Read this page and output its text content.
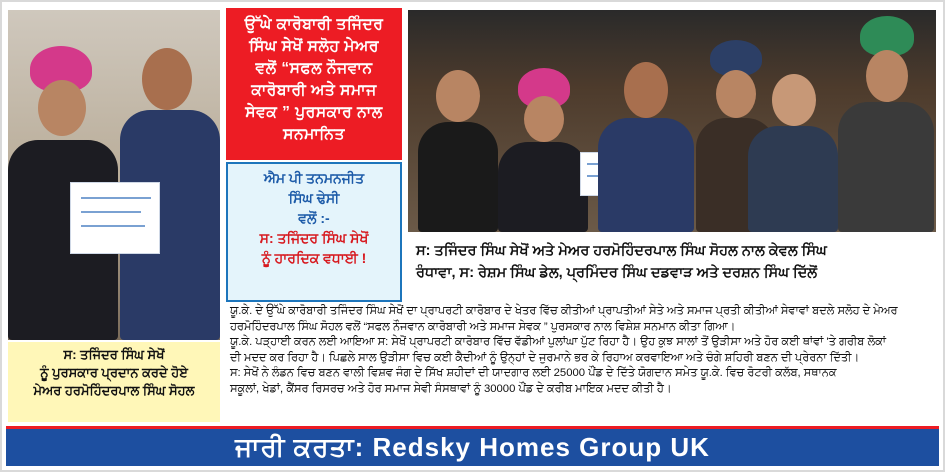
ਸ: ਤਜਿੰਦਰ ਸਿੰਘ ਸੇਖੋਂ

ਨੂੰ ਪੁਰਸਕਾਰ ਪ੍ਰਦਾਨ ਕਰਦੇ ਹੋਏ

ਮੇਅਰ ਹਰਮੋਹਿੰਦਰਪਾਲ ਸਿੰਘ ਸੋਹਲ

ਉੱਘੇ ਕਾਰੋਬਾਰੀ ਤਜਿੰਦਰ

ਸਿੰਘ ਸੇਖੋਂ ਸਲੋਹ ਮੇਅਰ

ਵਲੋਂ “ਸਫਲ ਨੌਜਵਾਨ

ਕਾਰੋਬਾਰੀ ਅਤੇ ਸਮਾਜ

ਸੇਵਕ ” ਪੁਰਸਕਾਰ ਨਾਲ

ਸਨਮਾਨਿਤ

ਐਮ ਪੀ ਤਨਮਨਜੀਤ

ਸਿੰਘ ਢੇਸੀ

ਵਲੋਂ :-

ਸ: ਤਜਿੰਦਰ ਸਿੰਘ ਸੇਖੋਂ

ਨੂੰ ਹਾਰਦਿਕ ਵਧਾਈ !	ਸ: ਤਜਿੰਦਰ ਸਿੰਘ ਸੇਖੋਂ ਅਤੇ ਮੇਅਰ ਹਰਮੋਹਿੰਦਰਪਾਲ ਸਿੰਘ ਸੋਹਲ ਨਾਲ ਕੇਵਲ ਸਿੰਘ

ਰੰਧਾਵਾ, ਸ: ਰੇਸ਼ਮ ਸਿੰਘ ਡੇਲ, ਪ੍ਰਮਿੰਦਰ ਸਿੰਘ ਦਡਵਾੜ ਅਤੇ ਦਰਸ਼ਨ ਸਿੰਘ ਦਿੱਲੋਂ

ਯੂ.ਕੇ. ਦੇ ਉੱਘੇ ਕਾਰੋਬਾਰੀ ਤਜਿੰਦਰ ਸਿੰਘ ਸੇਖੋਂ ਦਾ ਪ੍ਰਾਪਰਟੀ ਕਾਰੋਬਾਰ ਦੇ ਖੇਤਰ ਵਿੱਚ ਕੀਤੀਆਂ ਪ੍ਰਾਪਤੀਆਂ ਸੇਤੇ ਅਤੇ ਸਮਾਜ ਪ੍ਰਤੀ ਕੀਤੀਆਂ ਸੇਵਾਵਾਂ ਬਦਲੇ ਸਲੋਹ ਦੇ ਮੇਅਰ

ਹਰਮੋਹਿੰਦਰਪਾਲ ਸਿੰਘ ਸੋਹਲ ਵਲੋਂ “ਸਫਲ ਨੌਜਵਾਨ ਕਾਰੋਬਾਰੀ ਅਤੇ ਸਮਾਜ ਸੇਵਕ ” ਪੁਰਸਕਾਰ ਨਾਲ ਵਿਸ਼ੇਸ਼ ਸਨਮਾਨ ਕੀਤਾ ਗਿਆ।

ਯੂ.ਕੇ. ਪੜ੍ਹਾਈ ਕਰਨ ਲਈ ਆਇਆ ਸ: ਸੇਖੋਂ ਪ੍ਰਾਪਰਟੀ ਕਾਰੋਬਾਰ ਵਿੱਚ ਵੱਡੀਆਂ ਪੁਲਾਂਘਾ ਪੁੱਟ ਰਿਹਾ ਹੈ। ਉਹ ਕੁਝ ਸਾਲਾਂ ਤੋਂ ਉੜੀਸਾ ਅਤੇ ਹੋਰ ਕਈ ਥਾਂਵਾਂ 'ਤੇ ਗਰੀਬ ਲੋਕਾਂ

ਦੀ ਮਦਦ ਕਰ ਰਿਹਾ ਹੈ। ਪਿਛਲੇ ਸਾਲ ਉੜੀਸਾ ਵਿਚ ਕਈ ਕੈਦੀਆਂ ਨੂੰ ਉਨ੍ਹਾਂ ਦੇ ਜੁਰਮਾਨੇ ਭਰ ਕੇ ਰਿਹਾਅ ਕਰਵਾਇਆ ਅਤੇ ਚੰਗੇ ਸ਼ਹਿਰੀ ਬਣਨ ਦੀ ਪ੍ਰੇਰਨਾ ਦਿੱਤੀ।

ਸ: ਸੇਖੋਂ ਨੇ ਲੰਡਨ ਵਿਚ ਬਣਨ ਵਾਲੀ ਵਿਸ਼ਵ ਜੰਗ ਦੇ ਸਿੱਖ ਸ਼ਹੀਦਾਂ ਦੀ ਯਾਦਗਾਰ ਲਈ 25000 ਪੌਂਡ ਦੇ ਦਿੱਤੇ ਯੋਗਦਾਨ ਸਮੇਤ ਯੂ.ਕੇ. ਵਿਚ ਰੋਟਰੀ ਕਲੱਬ, ਸਥਾਨਕ

ਸਕੂਲਾਂ, ਖੇਡਾਂ, ਕੈਂਸਰ ਰਿਸਰਚ ਅਤੇ ਹੋਰ ਸਮਾਜ ਸੇਵੀ ਸੰਸਥਾਵਾਂ ਨੂੰ 30000 ਪੌਂਡ ਦੇ ਕਰੀਬ ਮਾਇਕ ਮਦਦ ਕੀਤੀ ਹੈ।

ਜਾਰੀ ਕਰਤਾ: Redsky Homes Group UK
